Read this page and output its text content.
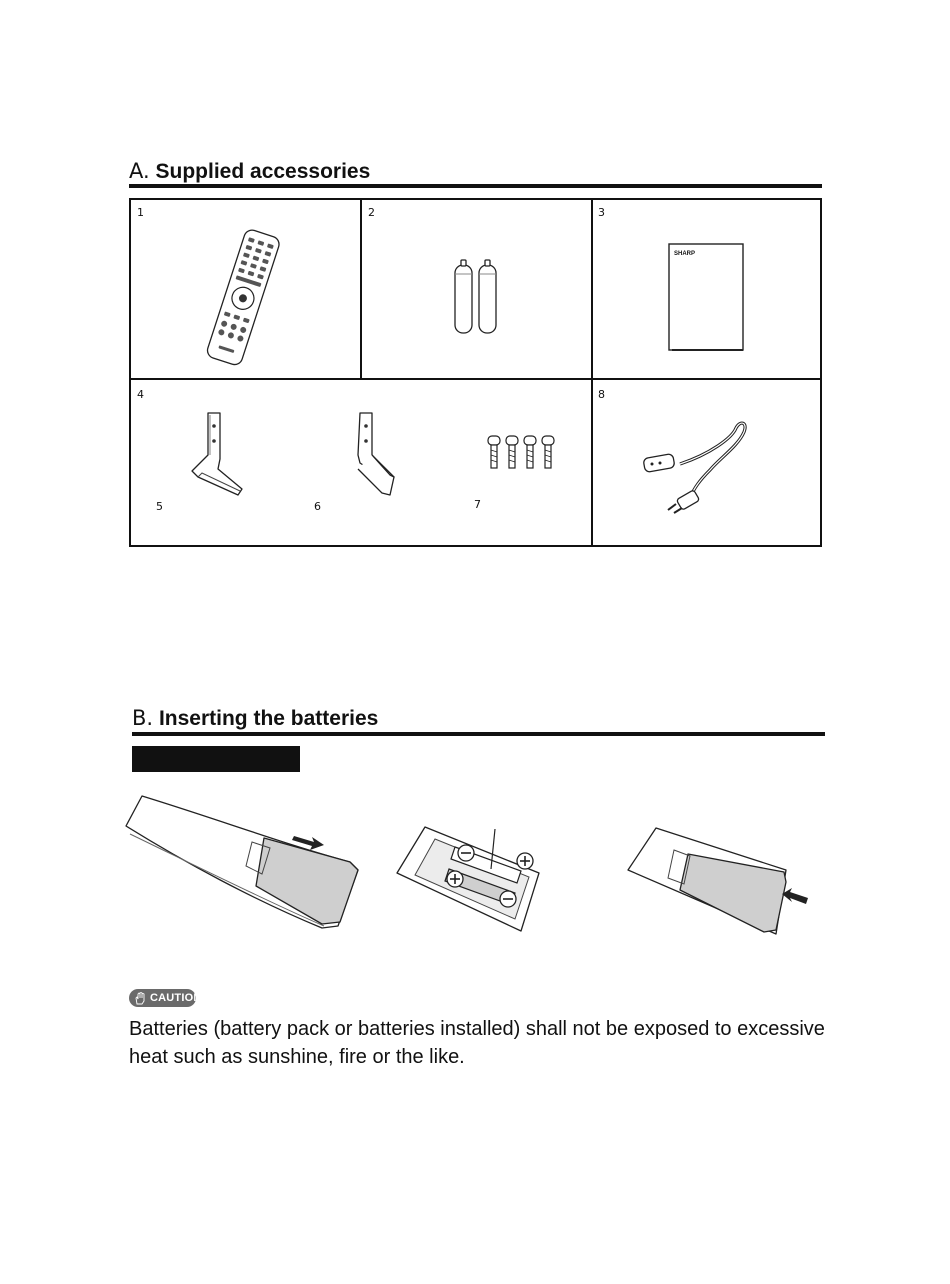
A. Supplied accessories
1	2	3
4	8
5	6	7
SHARP
B. Inserting the batteries
CAUTION
Batteries (battery pack or batteries installed) shall not be exposed to excessive heat such as sunshine, fire or the like.
